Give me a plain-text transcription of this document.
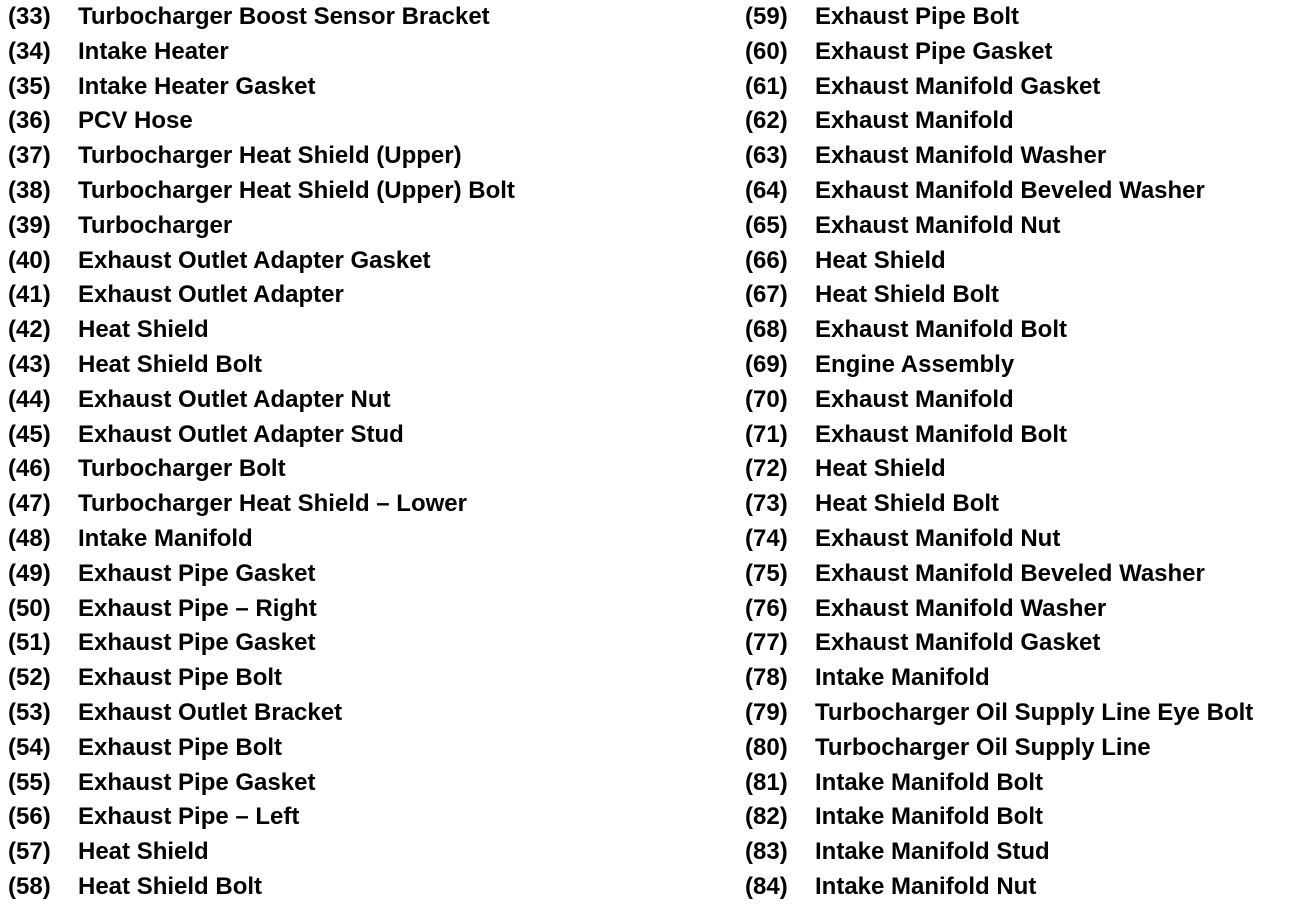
(33) Turbocharger Boost Sensor Bracket
(34) Intake Heater
(35) Intake Heater Gasket
(36) PCV Hose
(37) Turbocharger Heat Shield (Upper)
(38) Turbocharger Heat Shield (Upper) Bolt
(39) Turbocharger
(40) Exhaust Outlet Adapter Gasket
(41) Exhaust Outlet Adapter
(42) Heat Shield
(43) Heat Shield Bolt
(44) Exhaust Outlet Adapter Nut
(45) Exhaust Outlet Adapter Stud
(46) Turbocharger Bolt
(47) Turbocharger Heat Shield – Lower
(48) Intake Manifold
(49) Exhaust Pipe Gasket
(50) Exhaust Pipe – Right
(51) Exhaust Pipe Gasket
(52) Exhaust Pipe Bolt
(53) Exhaust Outlet Bracket
(54) Exhaust Pipe Bolt
(55) Exhaust Pipe Gasket
(56) Exhaust Pipe – Left
(57) Heat Shield
(58) Heat Shield Bolt
(59) Exhaust Pipe Bolt
(60) Exhaust Pipe Gasket
(61) Exhaust Manifold Gasket
(62) Exhaust Manifold
(63) Exhaust Manifold Washer
(64) Exhaust Manifold Beveled Washer
(65) Exhaust Manifold Nut
(66) Heat Shield
(67) Heat Shield Bolt
(68) Exhaust Manifold Bolt
(69) Engine Assembly
(70) Exhaust Manifold
(71) Exhaust Manifold Bolt
(72) Heat Shield
(73) Heat Shield Bolt
(74) Exhaust Manifold Nut
(75) Exhaust Manifold Beveled Washer
(76) Exhaust Manifold Washer
(77) Exhaust Manifold Gasket
(78) Intake Manifold
(79) Turbocharger Oil Supply Line Eye Bolt
(80) Turbocharger Oil Supply Line
(81) Intake Manifold Bolt
(82) Intake Manifold Bolt
(83) Intake Manifold Stud
(84) Intake Manifold Nut
